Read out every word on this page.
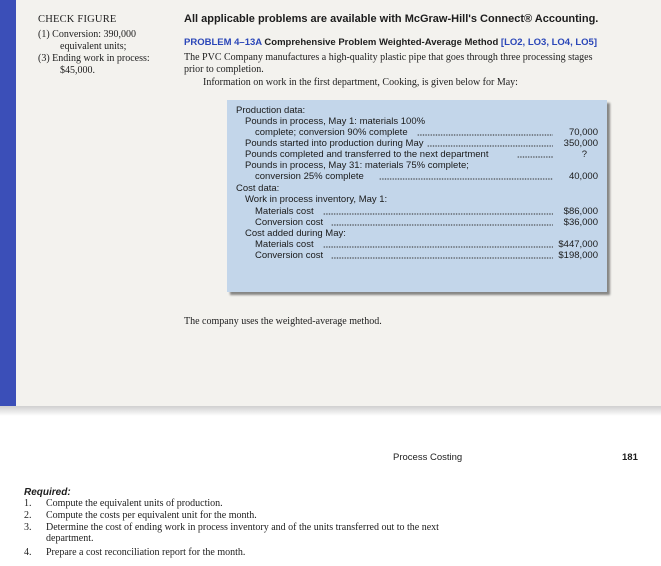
CHECK FIGURE

(1) Conversion: 390,000

equivalent units;

(3) Ending work in process:

$45,000.

All applicable problems are available with McGraw-Hill's Connect® Accounting.

PROBLEM 4–13A Comprehensive Problem Weighted-Average Method [LO2, LO3, LO4, LO5]

The PVC Company manufactures a high-quality plastic pipe that goes through three processing stages

prior to completion.

Information on work in the first department, Cooking, is given below for May:

Production data:
Pounds in process, May 1: materials 100%
complete; conversion 90% complete	70,000
Pounds started into production during May	350,000
Pounds completed and transferred to the next department	?
Pounds in process, May 31: materials 75% complete;
conversion 25% complete	40,000
Cost data:
Work in process inventory, May 1:
Materials cost	$86,000
Conversion cost	$36,000
Cost added during May:
Materials cost	$447,000
Conversion cost	$198,000

The company uses the weighted-average method.

Process Costing	181

Required:

1. Compute the equivalent units of production.
2. Compute the costs per equivalent unit for the month.
3. Determine the cost of ending work in process inventory and of the units transferred out to the next
department.
4. Prepare a cost reconciliation report for the month.
